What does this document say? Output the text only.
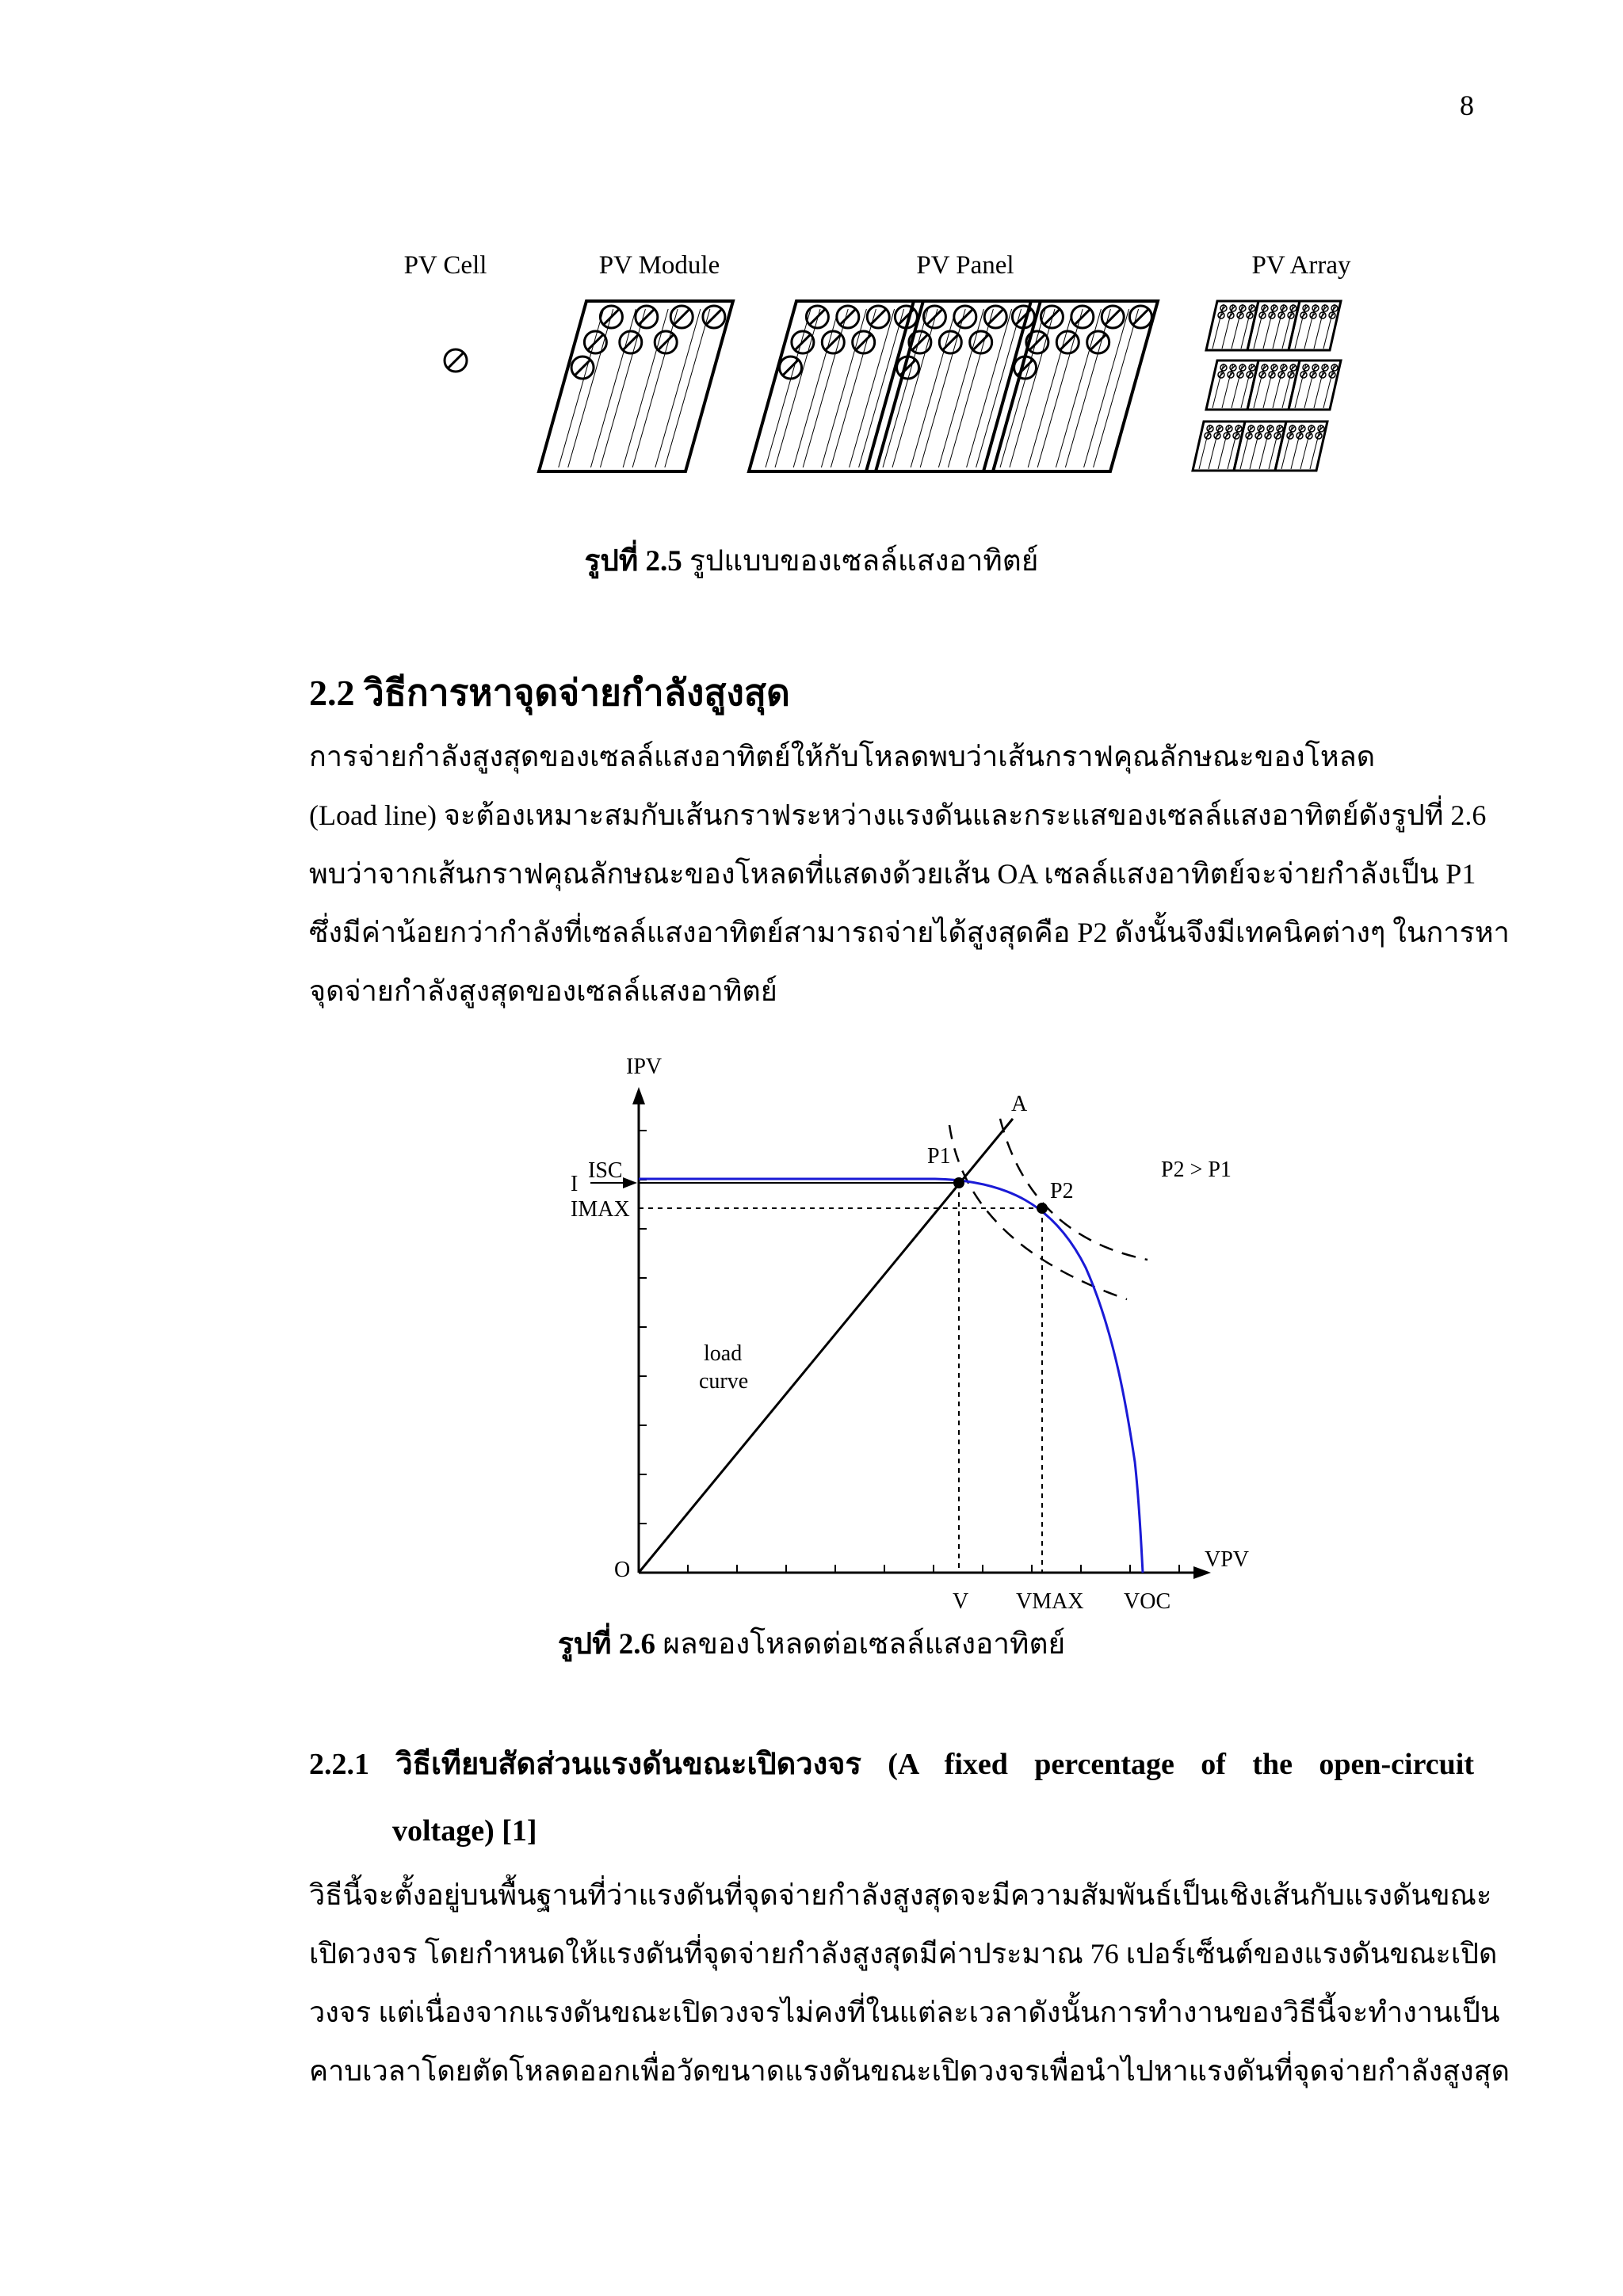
8
PV Cell	PV Module	PV Panel	PV Array
รูปที่ 2.5 รูปแบบของเซลล์แสงอาทิตย์
2.2 วิธีการหาจุดจ่ายกำลังสูงสุด
การจ่ายกำลังสูงสุดของเซลล์แสงอาทิตย์ให้กับโหลดพบว่าเส้นกราฟคุณลักษณะของโหลด
(Load line) จะต้องเหมาะสมกับเส้นกราฟระหว่างแรงดันและกระแสของเซลล์แสงอาทิตย์ดังรูปที่ 2.6
พบว่าจากเส้นกราฟคุณลักษณะของโหลดที่แสดงด้วยเส้น OA เซลล์แสงอาทิตย์จะจ่ายกำลังเป็น P1
ซึ่งมีค่าน้อยกว่ากำลังที่เซลล์แสงอาทิตย์สามารถจ่ายได้สูงสุดคือ P2 ดังนั้นจึงมีเทคนิคต่างๆ ในการหา
จุดจ่ายกำลังสูงสุดของเซลล์แสงอาทิตย์
IPV
A
P1
P2
P2 > P1
ISC
I
IMAX
load
curve
O
V VMAX VOC
VPV
รูปที่ 2.6 ผลของโหลดต่อเซลล์แสงอาทิตย์
2.2.1 วิธีเทียบสัดส่วนแรงดันขณะเปิดวงจร (A fixed percentage of the open-circuit
voltage) [1]
วิธีนี้จะตั้งอยู่บนพื้นฐานที่ว่าแรงดันที่จุดจ่ายกำลังสูงสุดจะมีความสัมพันธ์เป็นเชิงเส้นกับแรงดันขณะ
เปิดวงจร โดยกำหนดให้แรงดันที่จุดจ่ายกำลังสูงสุดมีค่าประมาณ 76 เปอร์เซ็นต์ของแรงดันขณะเปิด
วงจร แต่เนื่องจากแรงดันขณะเปิดวงจรไม่คงที่ในแต่ละเวลาดังนั้นการทำงานของวิธีนี้จะทำงานเป็น
คาบเวลาโดยตัดโหลดออกเพื่อวัดขนาดแรงดันขณะเปิดวงจรเพื่อนำไปหาแรงดันที่จุดจ่ายกำลังสูงสุด
